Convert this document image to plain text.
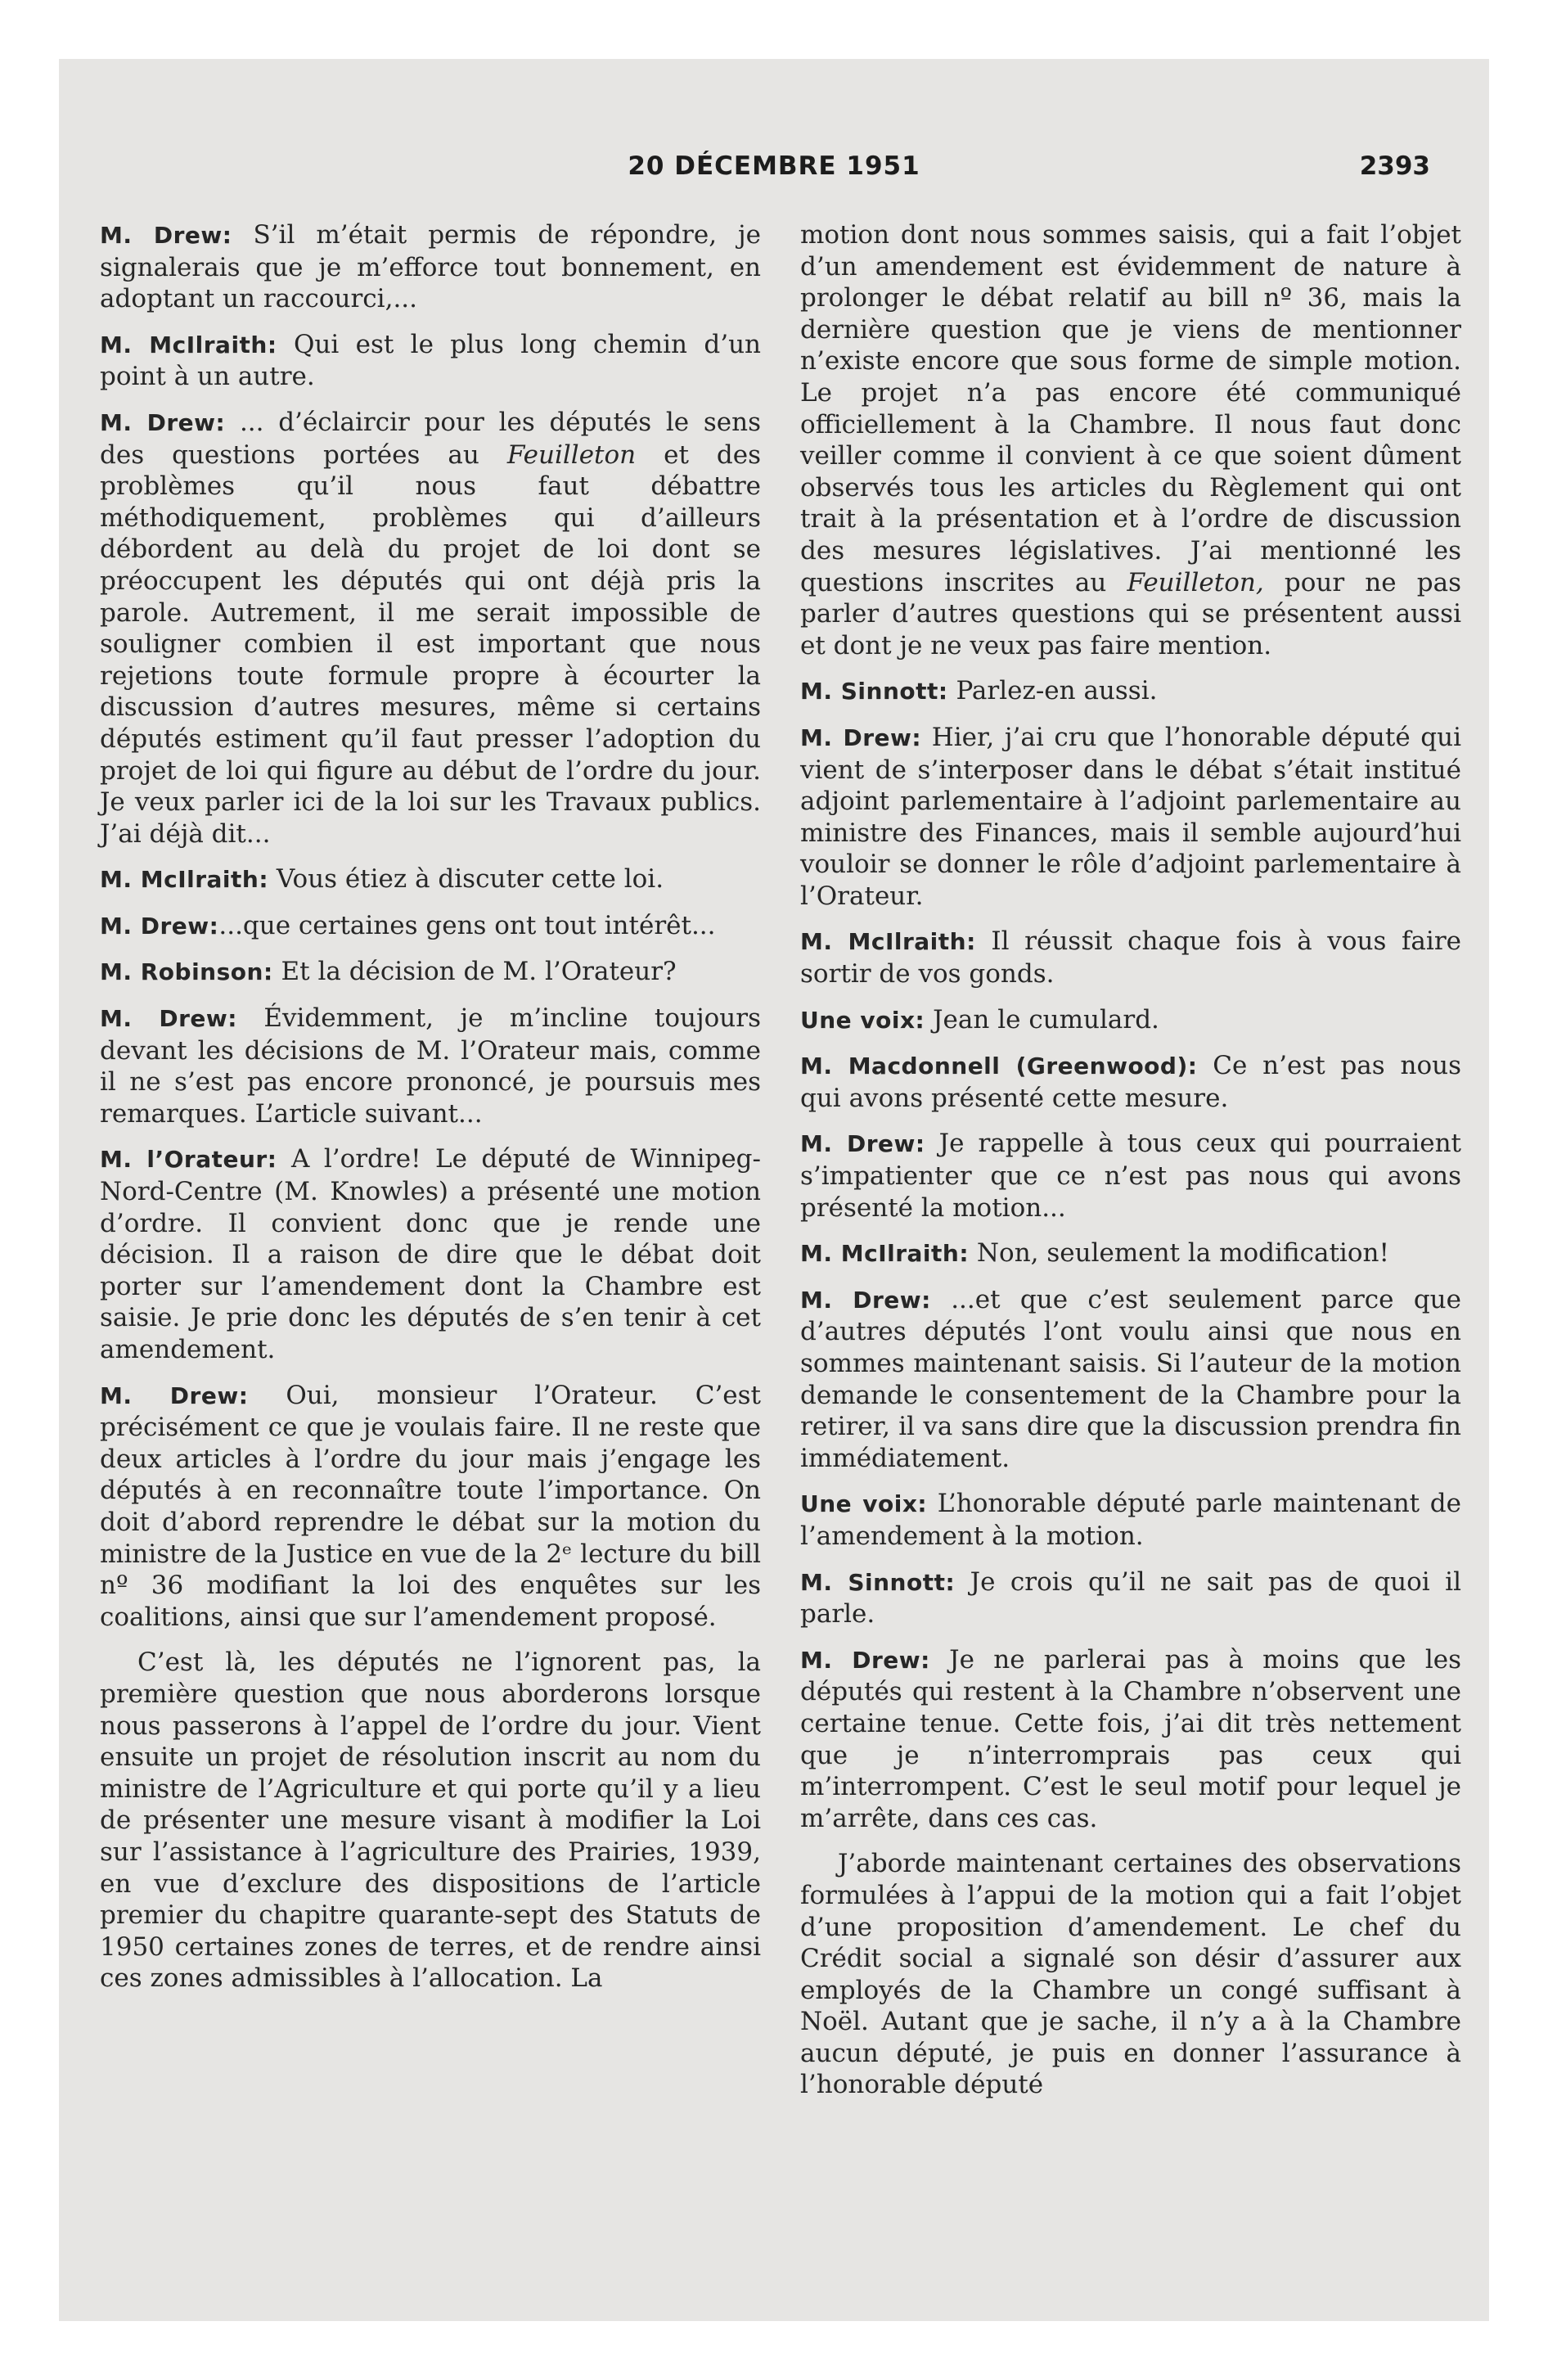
20 DÉCEMBRE 1951	2393

M. Drew: S’il m’était permis de répondre, je signalerais que je m’efforce tout bonnement, en adoptant un raccourci,...

M. McIlraith: Qui est le plus long chemin d’un point à un autre.

M. Drew: ... d’éclaircir pour les députés le sens des questions portées au Feuilleton et des problèmes qu’il nous faut débattre méthodiquement, problèmes qui d’ailleurs débordent au delà du projet de loi dont se préoccupent les députés qui ont déjà pris la parole. Autrement, il me serait impossible de souligner combien il est important que nous rejetions toute formule propre à écourter la discussion d’autres mesures, même si certains députés estiment qu’il faut presser l’adoption du projet de loi qui figure au début de l’ordre du jour. Je veux parler ici de la loi sur les Travaux publics. J’ai déjà dit...

M. McIlraith: Vous étiez à discuter cette loi.

M. Drew:...que certaines gens ont tout intérêt...

M. Robinson: Et la décision de M. l’Orateur?

M. Drew: Évidemment, je m’incline toujours devant les décisions de M. l’Orateur mais, comme il ne s’est pas encore prononcé, je poursuis mes remarques. L’article suivant...

M. l’Orateur: A l’ordre! Le député de Winnipeg-Nord-Centre (M. Knowles) a présenté une motion d’ordre. Il convient donc que je rende une décision. Il a raison de dire que le débat doit porter sur l’amendement dont la Chambre est saisie. Je prie donc les députés de s’en tenir à cet amendement.

M. Drew: Oui, monsieur l’Orateur. C’est précisément ce que je voulais faire. Il ne reste que deux articles à l’ordre du jour mais j’engage les députés à en reconnaître toute l’importance. On doit d’abord reprendre le débat sur la motion du ministre de la Justice en vue de la 2ᵉ lecture du bill nº 36 modifiant la loi des enquêtes sur les coalitions, ainsi que sur l’amendement proposé.

C’est là, les députés ne l’ignorent pas, la première question que nous aborderons lorsque nous passerons à l’appel de l’ordre du jour. Vient ensuite un projet de résolution inscrit au nom du ministre de l’Agriculture et qui porte qu’il y a lieu de présenter une mesure visant à modifier la Loi sur l’assistance à l’agriculture des Prairies, 1939, en vue d’exclure des dispositions de l’article premier du chapitre quarante-sept des Statuts de 1950 certaines zones de terres, et de rendre ainsi ces zones admissibles à l’allocation. La

motion dont nous sommes saisis, qui a fait l’objet d’un amendement est évidemment de nature à prolonger le débat relatif au bill nº 36, mais la dernière question que je viens de mentionner n’existe encore que sous forme de simple motion. Le projet n’a pas encore été communiqué officiellement à la Chambre. Il nous faut donc veiller comme il convient à ce que soient dûment observés tous les articles du Règlement qui ont trait à la présentation et à l’ordre de discussion des mesures législatives. J’ai mentionné les questions inscrites au Feuilleton, pour ne pas parler d’autres questions qui se présentent aussi et dont je ne veux pas faire mention.

M. Sinnott: Parlez-en aussi.

M. Drew: Hier, j’ai cru que l’honorable député qui vient de s’interposer dans le débat s’était institué adjoint parlementaire à l’adjoint parlementaire au ministre des Finances, mais il semble aujourd’hui vouloir se donner le rôle d’adjoint parlementaire à l’Orateur.

M. McIlraith: Il réussit chaque fois à vous faire sortir de vos gonds.

Une voix: Jean le cumulard.

M. Macdonnell (Greenwood): Ce n’est pas nous qui avons présenté cette mesure.

M. Drew: Je rappelle à tous ceux qui pourraient s’impatienter que ce n’est pas nous qui avons présenté la motion...

M. McIlraith: Non, seulement la modification!

M. Drew: ...et que c’est seulement parce que d’autres députés l’ont voulu ainsi que nous en sommes maintenant saisis. Si l’auteur de la motion demande le consentement de la Chambre pour la retirer, il va sans dire que la discussion prendra fin immédiatement.

Une voix: L’honorable député parle maintenant de l’amendement à la motion.

M. Sinnott: Je crois qu’il ne sait pas de quoi il parle.

M. Drew: Je ne parlerai pas à moins que les députés qui restent à la Chambre n’observent une certaine tenue. Cette fois, j’ai dit très nettement que je n’interromprais pas ceux qui m’interrompent. C’est le seul motif pour lequel je m’arrête, dans ces cas.

J’aborde maintenant certaines des observations formulées à l’appui de la motion qui a fait l’objet d’une proposition d’amendement. Le chef du Crédit social a signalé son désir d’assurer aux employés de la Chambre un congé suffisant à Noël. Autant que je sache, il n’y a à la Chambre aucun député, je puis en donner l’assurance à l’honorable député
